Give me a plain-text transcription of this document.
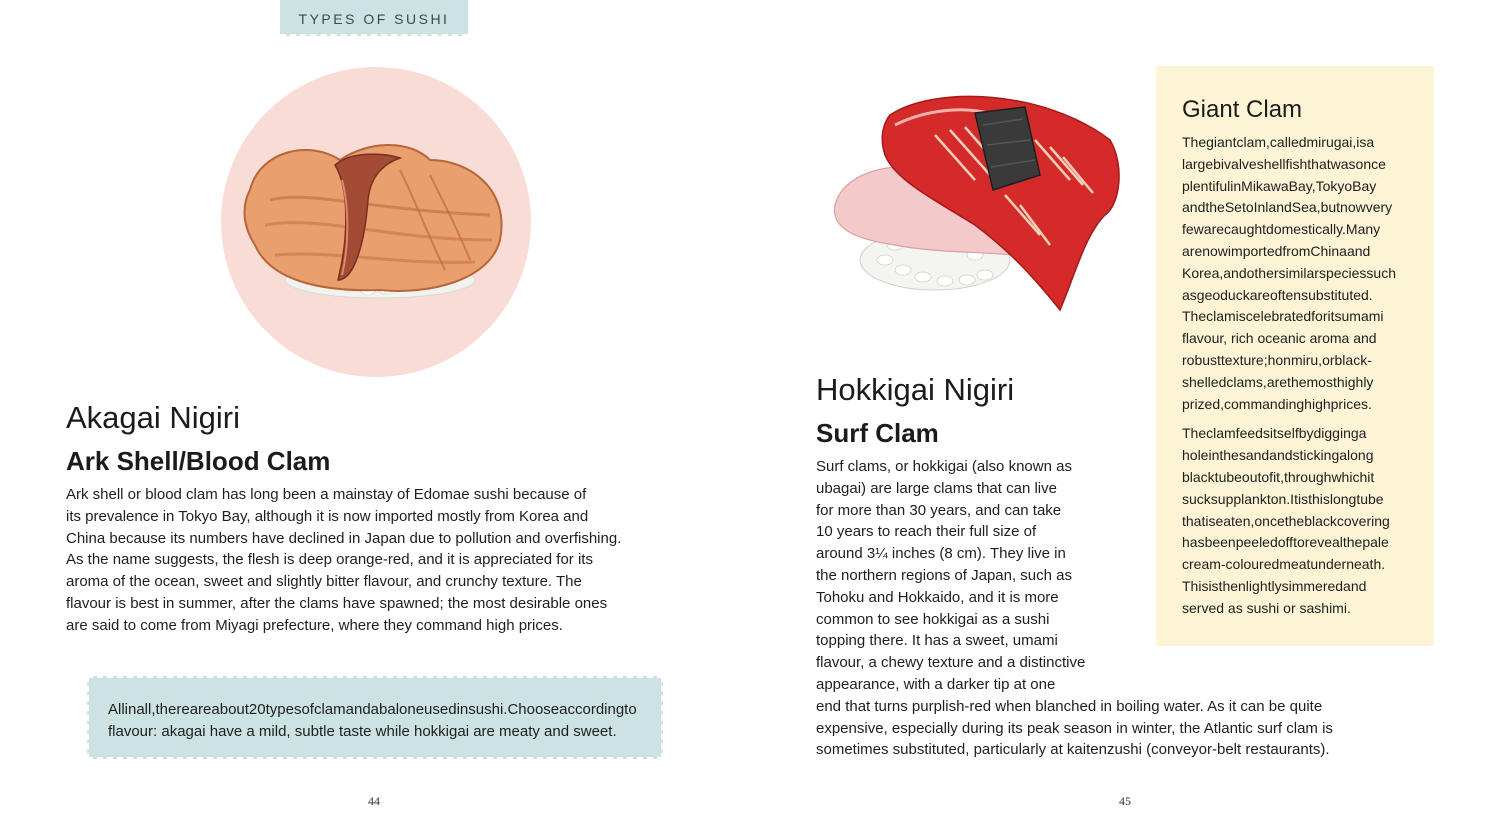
TYPES OF SUSHI
Akagai Nigiri
Ark Shell/Blood Clam
Ark shell or blood clam has long been a mainstay of Edomae sushi because of
its prevalence in Tokyo Bay, although it is now imported mostly from Korea and
China because its numbers have declined in Japan due to pollution and overfishing.
As the name suggests, the flesh is deep orange-red, and it is appreciated for its
aroma of the ocean, sweet and slightly bitter flavour, and crunchy texture. The
flavour is best in summer, after the clams have spawned; the most desirable ones
are said to come from Miyagi prefecture, where they command high prices.
Allinall,thereareabout20typesofclamandabaloneusedinsushi.Chooseaccordingto
flavour: akagai have a mild, subtle taste while hokkigai are meaty and sweet.
44
Hokkigai Nigiri
Surf Clam
Surf clams, or hokkigai (also known as
ubagai) are large clams that can live
for more than 30 years, and can take
10 years to reach their full size of
around 3¼ inches (8 cm). They live in
the northern regions of Japan, such as
Tohoku and Hokkaido, and it is more
common to see hokkigai as a sushi
topping there. It has a sweet, umami
flavour, a chewy texture and a distinctive
appearance, with a darker tip at one
end that turns purplish-red when blanched in boiling water. As it can be quite
expensive, especially during its peak season in winter, the Atlantic surf clam is
sometimes substituted, particularly at kaitenzushi (conveyor-belt restaurants).
Giant Clam
Thegiantclam,calledmirugai,isa
largebivalveshellfishthatwasonce
plentifulinMikawaBay,TokyoBay
andtheSetoInlandSea,butnowvery
fewarecaughtdomestically.Many
arenowimportedfromChinaand
Korea,andothersimilarspeciessuch
asgeoduckareoftensubstituted.
Theclamiscelebratedforitsumami
flavour, rich oceanic aroma and
robusttexture;honmiru,orblack-
shelledclams,arethemosthighly
prized,commandinghighprices.
Theclamfeedsitselfbydigginga
holeinthesandandstickingalong
blacktubeoutofit,throughwhichit
sucksupplankton.Itisthislongtube
thatiseaten,oncetheblackcovering
hasbeenpeeledofftorevealthepale
cream-colouredmeatunderneath.
Thisisthenlightlysimmeredand
served as sushi or sashimi.
45
